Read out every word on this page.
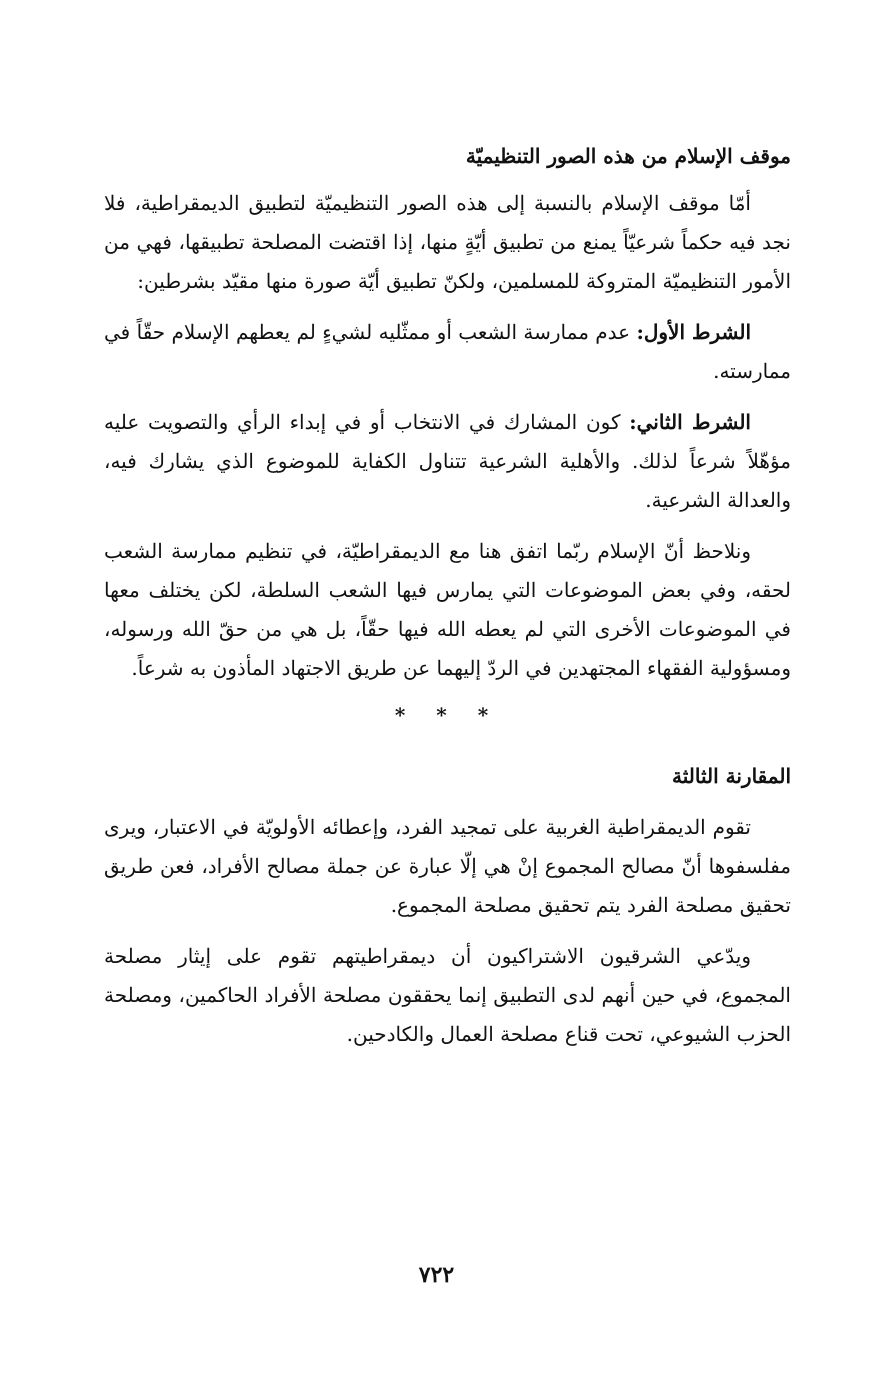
موقف الإسلام من هذه الصور التنظيميّة

أمّا موقف الإسلام بالنسبة إلى هذه الصور التنظيميّة لتطبيق الديمقراطية، فلا نجد فيه حكماً شرعيّاً يمنع من تطبيق أيّةٍ منها، إذا اقتضت المصلحة تطبيقها، فهي من الأمور التنظيميّة المتروكة للمسلمين، ولكنّ تطبيق أيّة صورة منها مقيّد بشرطين:

الشرط الأول: عدم ممارسة الشعب أو ممثّليه لشيءٍ لم يعطهم الإسلام حقّاً في ممارسته.

الشرط الثاني: كون المشارك في الانتخاب أو في إبداء الرأي والتصويت عليه مؤهّلاً شرعاً لذلك. والأهلية الشرعية تتناول الكفاية للموضوع الذي يشارك فيه، والعدالة الشرعية.

ونلاحظ أنّ الإسلام ربّما اتفق هنا مع الديمقراطيّة، في تنظيم ممارسة الشعب لحقه، وفي بعض الموضوعات التي يمارس فيها الشعب السلطة، لكن يختلف معها في الموضوعات الأخرى التي لم يعطه الله فيها حقّاً، بل هي من حقّ الله ورسوله، ومسؤولية الفقهاء المجتهدين في الردّ إليهما عن طريق الاجتهاد المأذون به شرعاً.

* * *
المقارنة الثالثة

تقوم الديمقراطية الغربية على تمجيد الفرد، وإعطائه الأولويّة في الاعتبار، ويرى مفلسفوها أنّ مصالح المجموع إنْ هي إلّا عبارة عن جملة مصالح الأفراد، فعن طريق تحقيق مصلحة الفرد يتم تحقيق مصلحة المجموع.

ويدّعي الشرقيون الاشتراكيون أن ديمقراطيتهم تقوم على إيثار مصلحة المجموع، في حين أنهم لدى التطبيق إنما يحققون مصلحة الأفراد الحاكمين، ومصلحة الحزب الشيوعي، تحت قناع مصلحة العمال والكادحين.

٧٢٢
